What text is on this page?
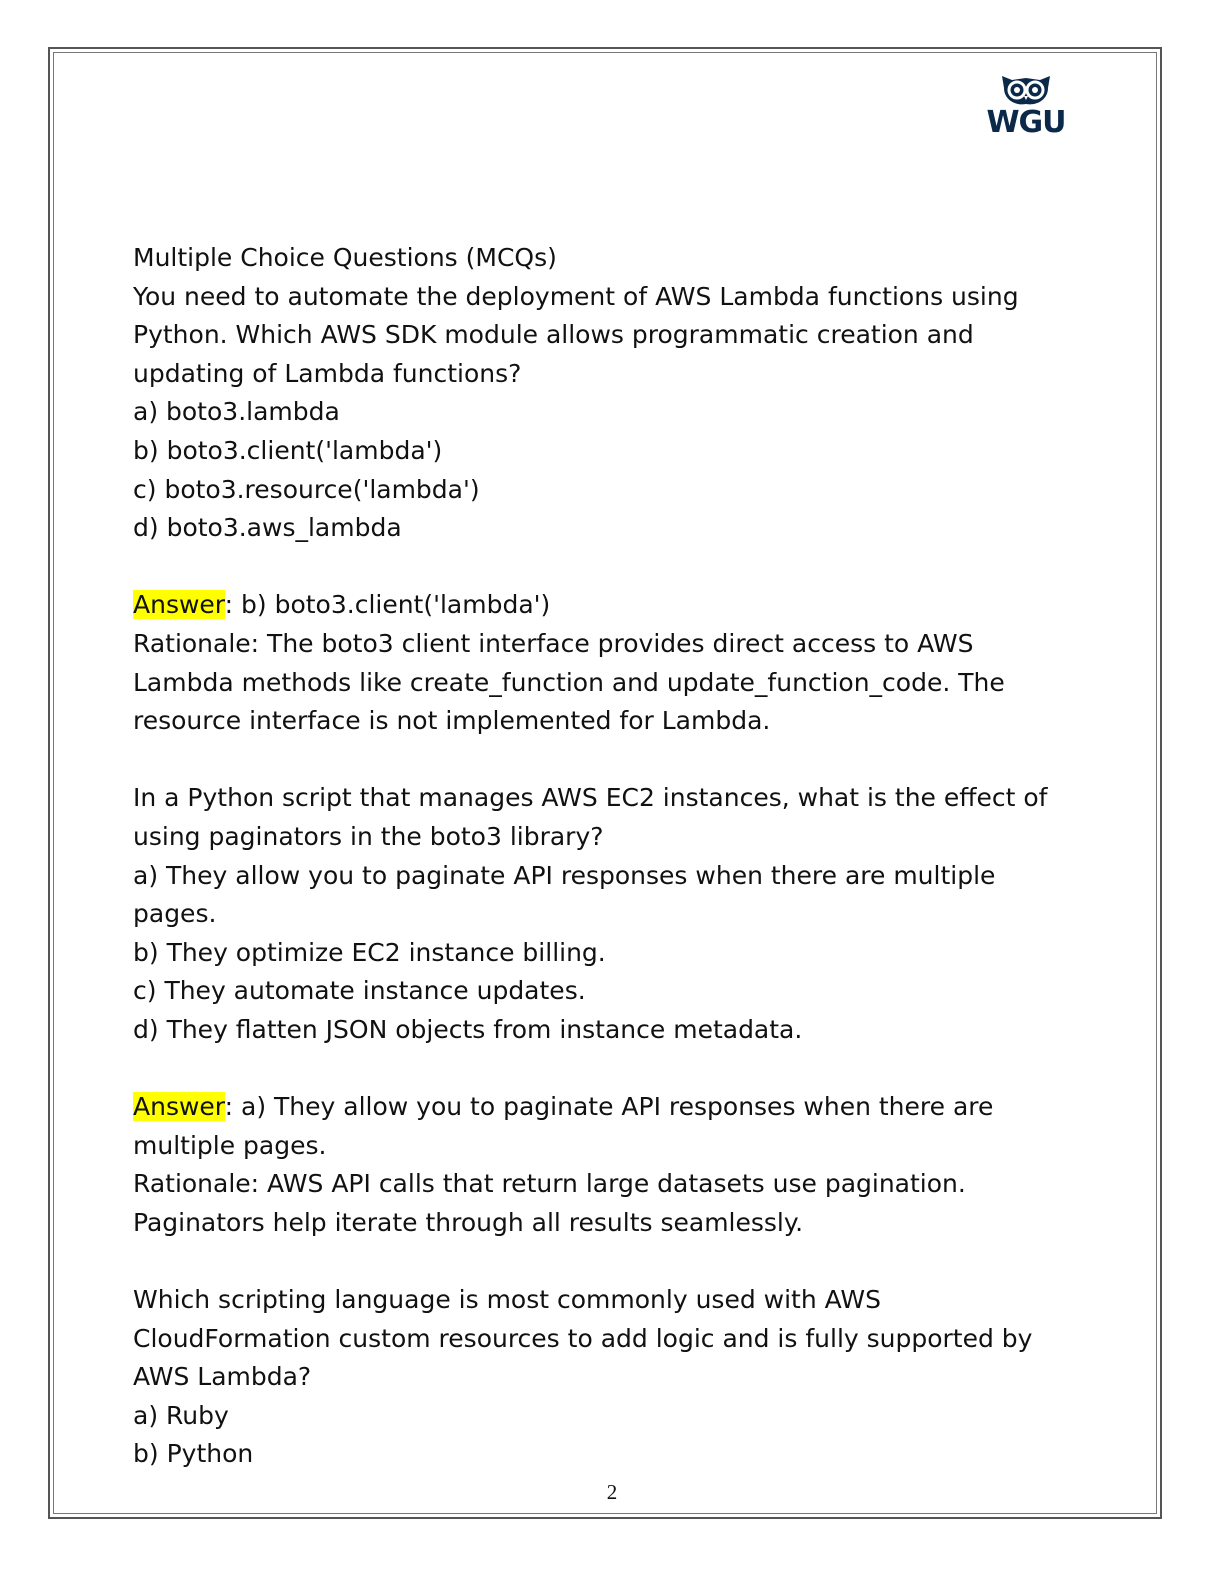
WGU
Multiple Choice Questions (MCQs)
You need to automate the deployment of AWS Lambda functions using
Python. Which AWS SDK module allows programmatic creation and
updating of Lambda functions?
a) boto3.lambda
b) boto3.client('lambda')
c) boto3.resource('lambda')
d) boto3.aws_lambda
Answer: b) boto3.client('lambda')
Rationale: The boto3 client interface provides direct access to AWS
Lambda methods like create_function and update_function_code. The
resource interface is not implemented for Lambda.
In a Python script that manages AWS EC2 instances, what is the effect of
using paginators in the boto3 library?
a) They allow you to paginate API responses when there are multiple
pages.
b) They optimize EC2 instance billing.
c) They automate instance updates.
d) They flatten JSON objects from instance metadata.
Answer: a) They allow you to paginate API responses when there are
multiple pages.
Rationale: AWS API calls that return large datasets use pagination.
Paginators help iterate through all results seamlessly.
Which scripting language is most commonly used with AWS
CloudFormation custom resources to add logic and is fully supported by
AWS Lambda?
a) Ruby
b) Python
2
